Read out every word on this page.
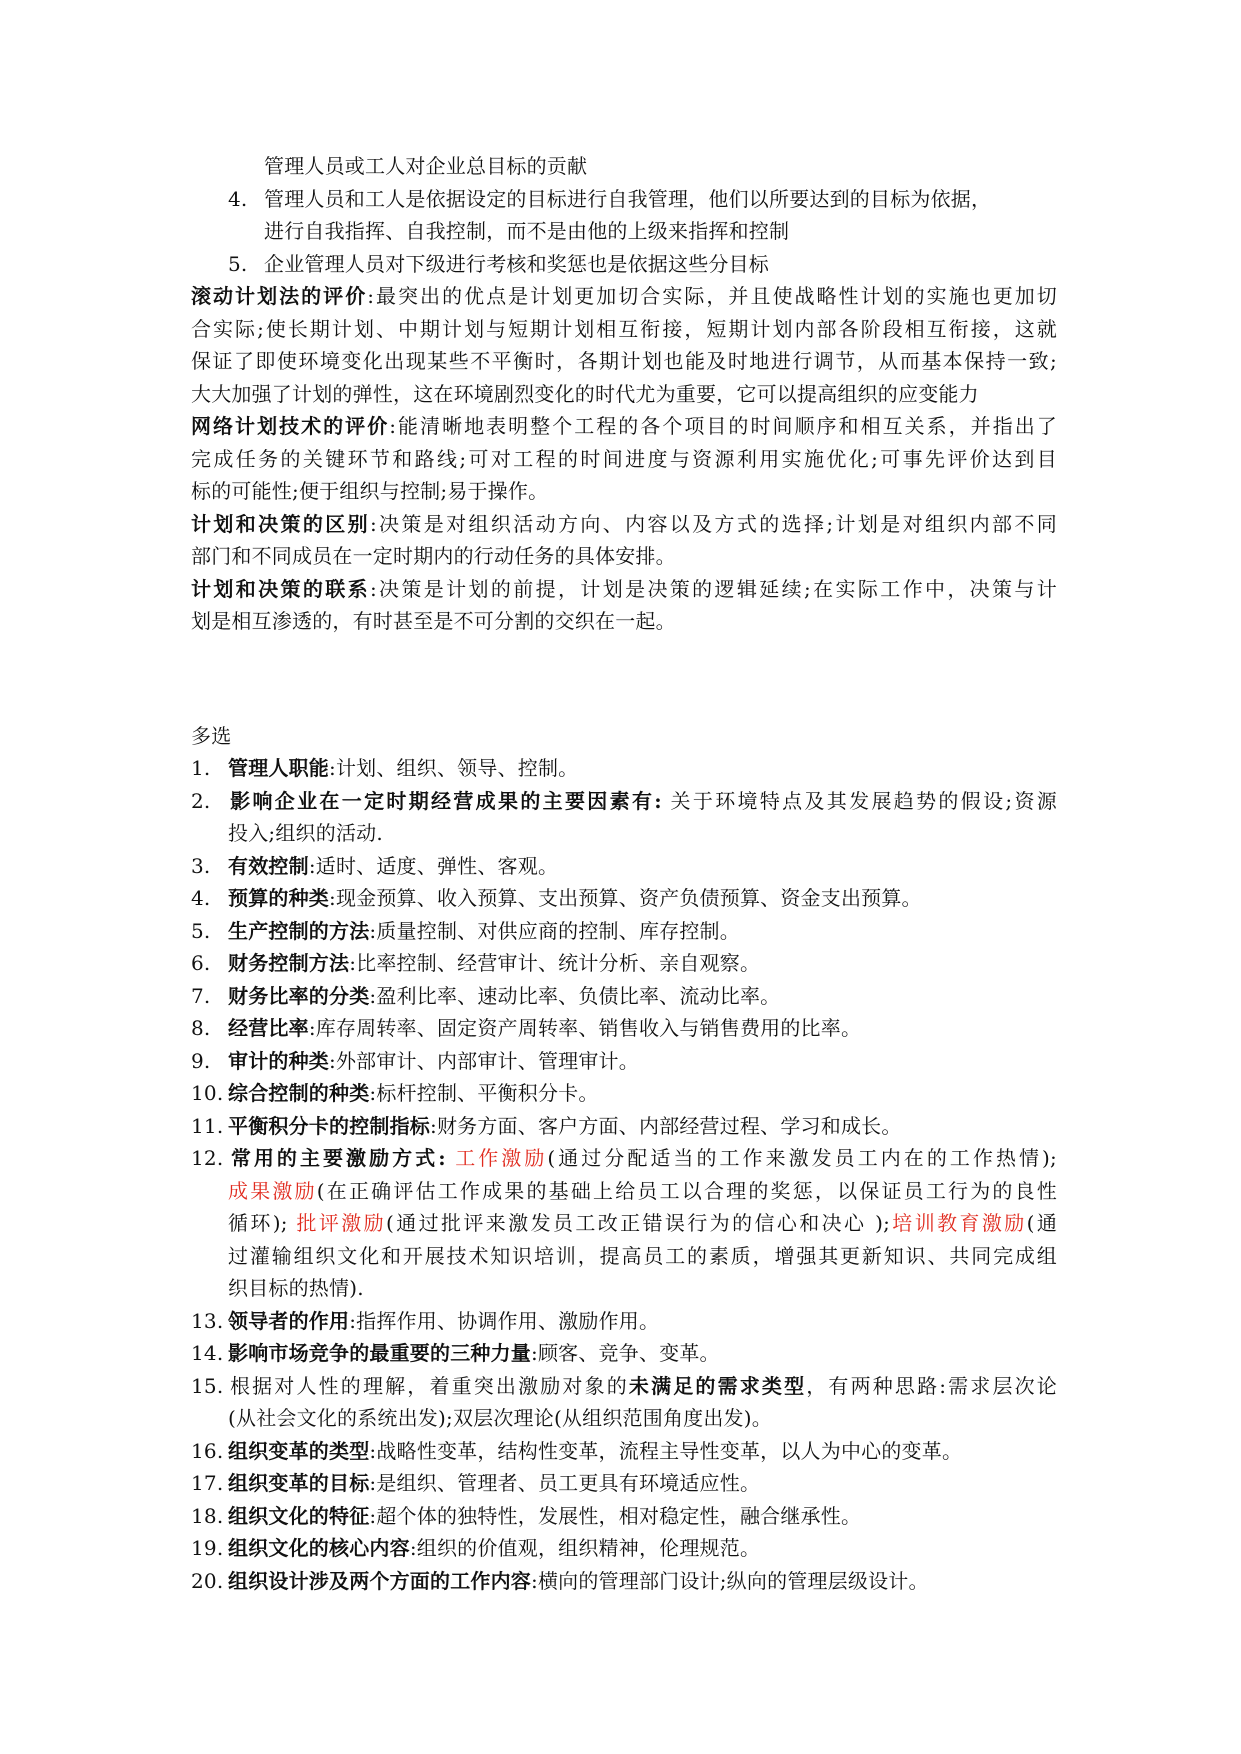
管理人员或工人对企业总目标的贡献
4. 管理人员和工人是依据设定的目标进行自我管理，他们以所要达到的目标为依据，
进行自我指挥、自我控制，而不是由他的上级来指挥和控制
5. 企业管理人员对下级进行考核和奖惩也是依据这些分目标
滚动计划法的评价:最突出的优点是计划更加切合实际，并且使战略性计划的实施也更加切
合实际;使长期计划、中期计划与短期计划相互衔接，短期计划内部各阶段相互衔接，这就
保证了即使环境变化出现某些不平衡时，各期计划也能及时地进行调节，从而基本保持一致;
大大加强了计划的弹性，这在环境剧烈变化的时代尤为重要，它可以提高组织的应变能力
网络计划技术的评价:能清晰地表明整个工程的各个项目的时间顺序和相互关系，并指出了
完成任务的关键环节和路线;可对工程的时间进度与资源利用实施优化;可事先评价达到目
标的可能性;便于组织与控制;易于操作。
计划和决策的区别:决策是对组织活动方向、内容以及方式的选择;计划是对组织内部不同
部门和不同成员在一定时期内的行动任务的具体安排。
计划和决策的联系:决策是计划的前提，计划是决策的逻辑延续;在实际工作中，决策与计
划是相互渗透的，有时甚至是不可分割的交织在一起。
多选
1. 管理人职能:计划、组织、领导、控制。
2. 影响企业在一定时期经营成果的主要因素有: 关于环境特点及其发展趋势的假设;资源
投入;组织的活动.
3. 有效控制:适时、适度、弹性、客观。
4. 预算的种类:现金预算、收入预算、支出预算、资产负债预算、资金支出预算。
5. 生产控制的方法:质量控制、对供应商的控制、库存控制。
6. 财务控制方法:比率控制、经营审计、统计分析、亲自观察。
7. 财务比率的分类:盈利比率、速动比率、负债比率、流动比率。
8. 经营比率:库存周转率、固定资产周转率、销售收入与销售费用的比率。
9. 审计的种类:外部审计、内部审计、管理审计。
10. 综合控制的种类:标杆控制、平衡积分卡。
11. 平衡积分卡的控制指标:财务方面、客户方面、内部经营过程、学习和成长。
12. 常用的主要激励方式: 工作激励(通过分配适当的工作来激发员工内在的工作热情);
成果激励(在正确评估工作成果的基础上给员工以合理的奖惩，以保证员工行为的良性
循环); 批评激励(通过批评来激发员工改正错误行为的信心和决心 );培训教育激励(通
过灌输组织文化和开展技术知识培训，提高员工的素质，增强其更新知识、共同完成组
织目标的热情).
13. 领导者的作用:指挥作用、协调作用、激励作用。
14. 影响市场竞争的最重要的三种力量:顾客、竞争、变革。
15. 根据对人性的理解，着重突出激励对象的未满足的需求类型，有两种思路:需求层次论
(从社会文化的系统出发);双层次理论(从组织范围角度出发)。
16. 组织变革的类型:战略性变革，结构性变革，流程主导性变革，以人为中心的变革。
17. 组织变革的目标:是组织、管理者、员工更具有环境适应性。
18. 组织文化的特征:超个体的独特性，发展性，相对稳定性，融合继承性。
19. 组织文化的核心内容:组织的价值观，组织精神，伦理规范。
20. 组织设计涉及两个方面的工作内容:横向的管理部门设计;纵向的管理层级设计。
